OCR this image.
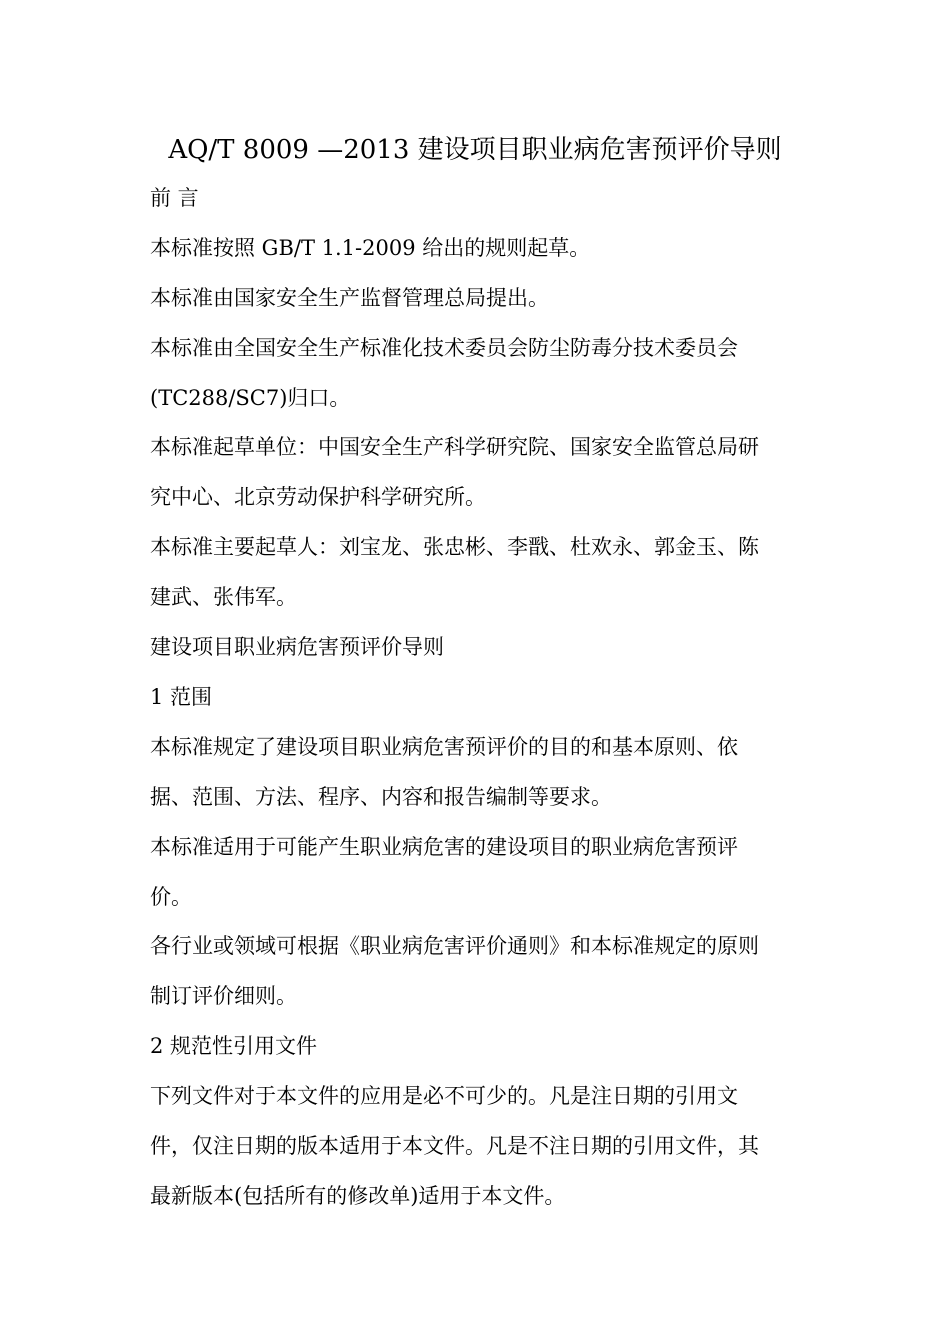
AQ/T 8009 —2013 建设项目职业病危害预评价导则
前 言
本标准按照 GB/T 1.1-2009 给出的规则起草。
本标准由国家安全生产监督管理总局提出。
本标准由全国安全生产标准化技术委员会防尘防毒分技术委员会
(TC288/SC7)归口。
本标准起草单位：中国安全生产科学研究院、国家安全监管总局研
究中心、北京劳动保护科学研究所。
本标准主要起草人：刘宝龙、张忠彬、李戬、杜欢永、郭金玉、陈
建武、张伟军。
建设项目职业病危害预评价导则
1 范围
本标准规定了建设项目职业病危害预评价的目的和基本原则、依
据、范围、方法、程序、内容和报告编制等要求。
本标准适用于可能产生职业病危害的建设项目的职业病危害预评
价。
各行业或领域可根据《职业病危害评价通则》和本标准规定的原则
制订评价细则。
2 规范性引用文件
下列文件对于本文件的应用是必不可少的。凡是注日期的引用文
件，仅注日期的版本适用于本文件。凡是不注日期的引用文件，其
最新版本(包括所有的修改单)适用于本文件。
